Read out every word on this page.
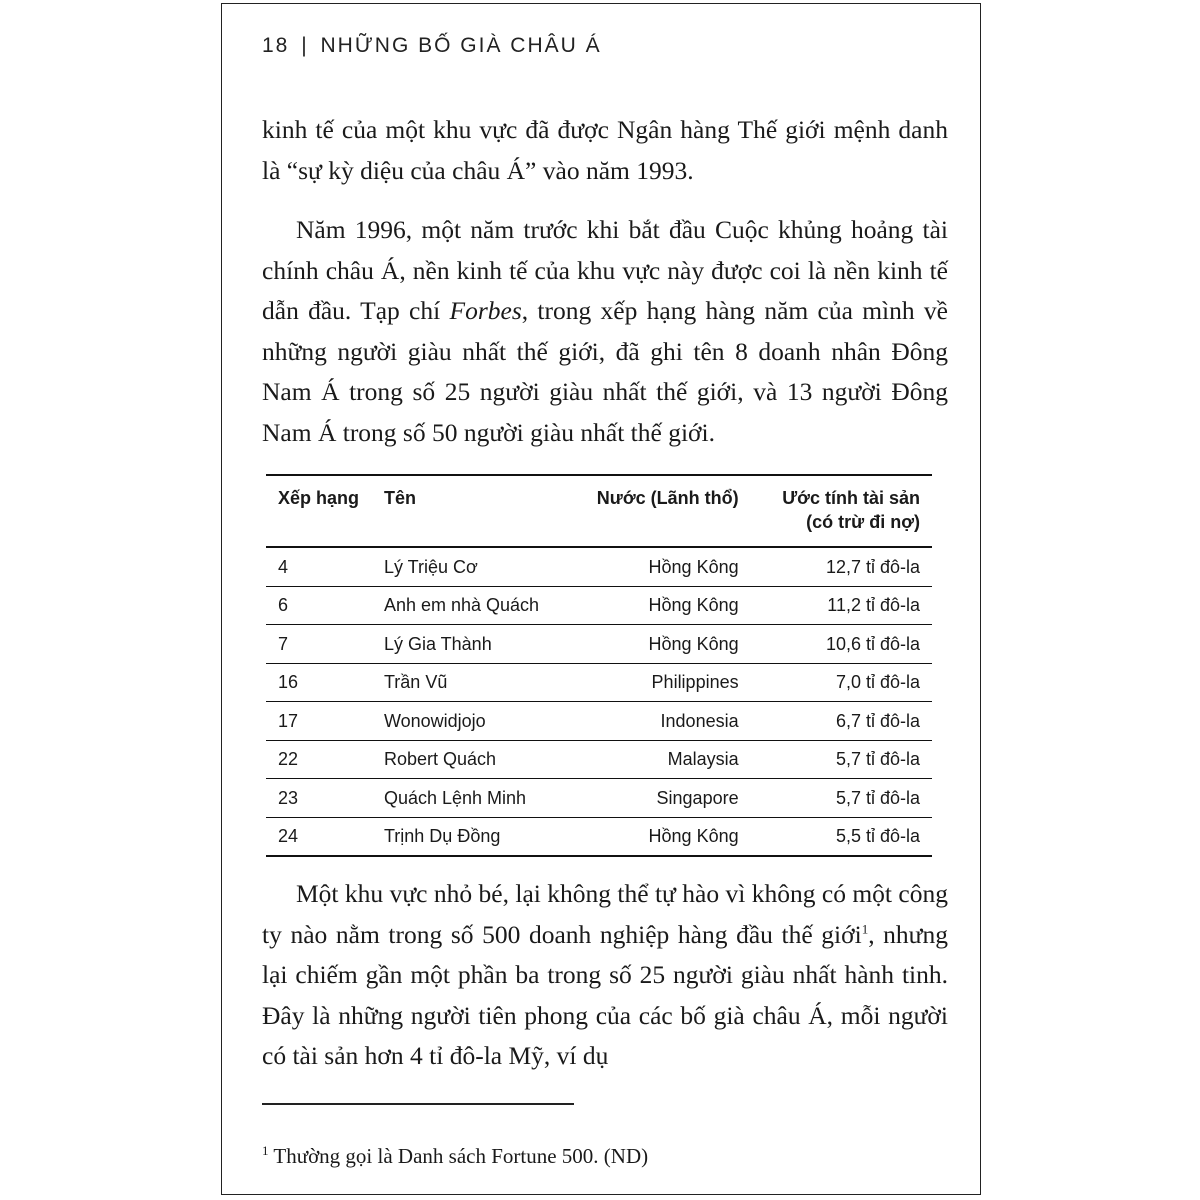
18 | NHỮNG BỐ GIÀ CHÂU Á

kinh tế của một khu vực đã được Ngân hàng Thế giới mệnh danh là “sự kỳ diệu của châu Á” vào năm 1993.

Năm 1996, một năm trước khi bắt đầu Cuộc khủng hoảng tài chính châu Á, nền kinh tế của khu vực này được coi là nền kinh tế dẫn đầu. Tạp chí Forbes, trong xếp hạng hàng năm của mình về những người giàu nhất thế giới, đã ghi tên 8 doanh nhân Đông Nam Á trong số 25 người giàu nhất thế giới, và 13 người Đông Nam Á trong số 50 người giàu nhất thế giới.

Xếp hạng	Tên	Nước (Lãnh thổ)	Ước tính tài sản
(có trừ đi nợ)

4	Lý Triệu Cơ	Hồng Kông	12,7 tỉ đô-la
6	Anh em nhà Quách	Hồng Kông	11,2 tỉ đô-la
7	Lý Gia Thành	Hồng Kông	10,6 tỉ đô-la
16	Trần Vũ	Philippines	7,0 tỉ đô-la
17	Wonowidjojo	Indonesia	6,7 tỉ đô-la
22	Robert Quách	Malaysia	5,7 tỉ đô-la
23	Quách Lệnh Minh	Singapore	5,7 tỉ đô-la
24	Trịnh Dụ Đồng	Hồng Kông	5,5 tỉ đô-la

Một khu vực nhỏ bé, lại không thể tự hào vì không có một công ty nào nằm trong số 500 doanh nghiệp hàng đầu thế giới$^1$, nhưng lại chiếm gần một phần ba trong số 25 người giàu nhất hành tinh. Đây là những người tiên phong của các bố già châu Á, mỗi người có tài sản hơn 4 tỉ đô-la Mỹ, ví dụ

$^1$ Thường gọi là Danh sách Fortune 500. (ND)
